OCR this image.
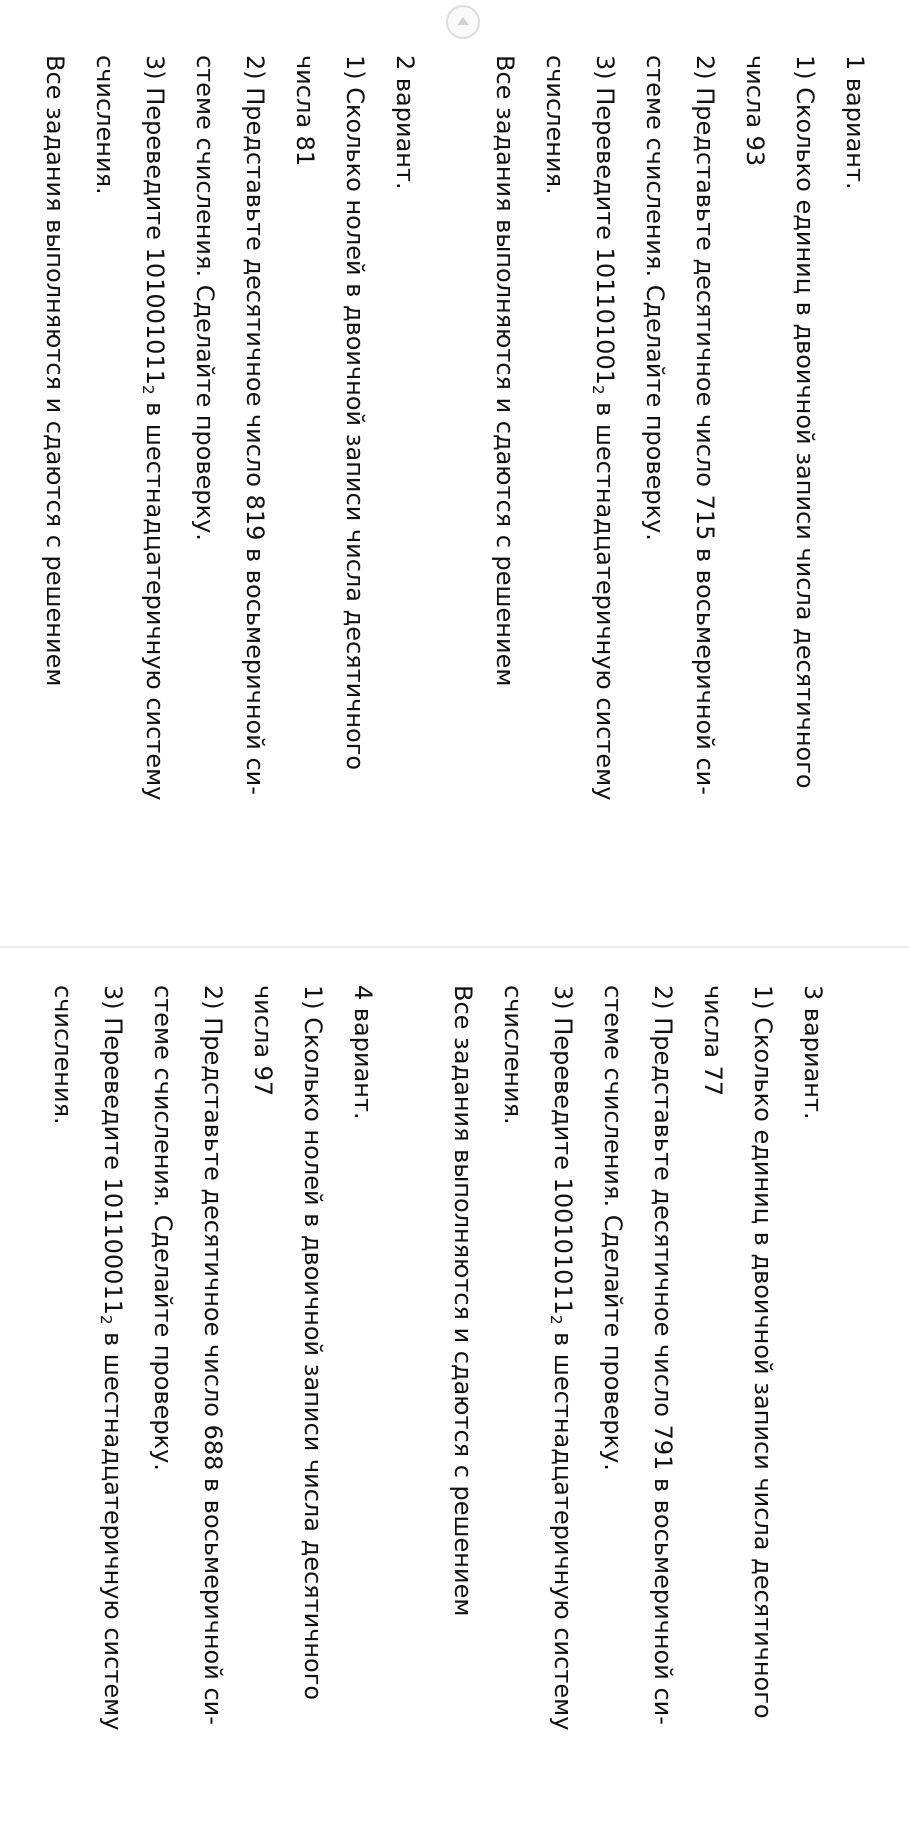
1 вариант.
1) Сколько единиц в двоичной записи числа десятичного
числа 93
2) Представьте десятичное число 715 в восьмеричной си-
стеме счисления. Сделайте проверку.
3) Переведите $101101001_2$ в шестнадцатеричную систему
счисления.
Все задания выполняются и сдаются с решением
2 вариант.
1) Сколько нолей в двоичной записи числа десятичного
числа 81
2) Представьте десятичное число 819 в восьмеричной си-
стеме счисления. Сделайте проверку.
3) Переведите $101001011_2$ в шестнадцатеричную систему
счисления.
Все задания выполняются и сдаются с решением
3 вариант.
1) Сколько единиц в двоичной записи числа десятичного
числа 77
2) Представьте десятичное число 791 в восьмеричной си-
стеме счисления. Сделайте проверку.
3) Переведите $100101011_2$ в шестнадцатеричную систему
счисления.
Все задания выполняются и сдаются с решением
4 вариант.
1) Сколько нолей в двоичной записи числа десятичного
числа 97
2) Представьте десятичное число 688 в восьмеричной си-
стеме счисления. Сделайте проверку.
3) Переведите $101100011_2$ в шестнадцатеричную систему
счисления.
